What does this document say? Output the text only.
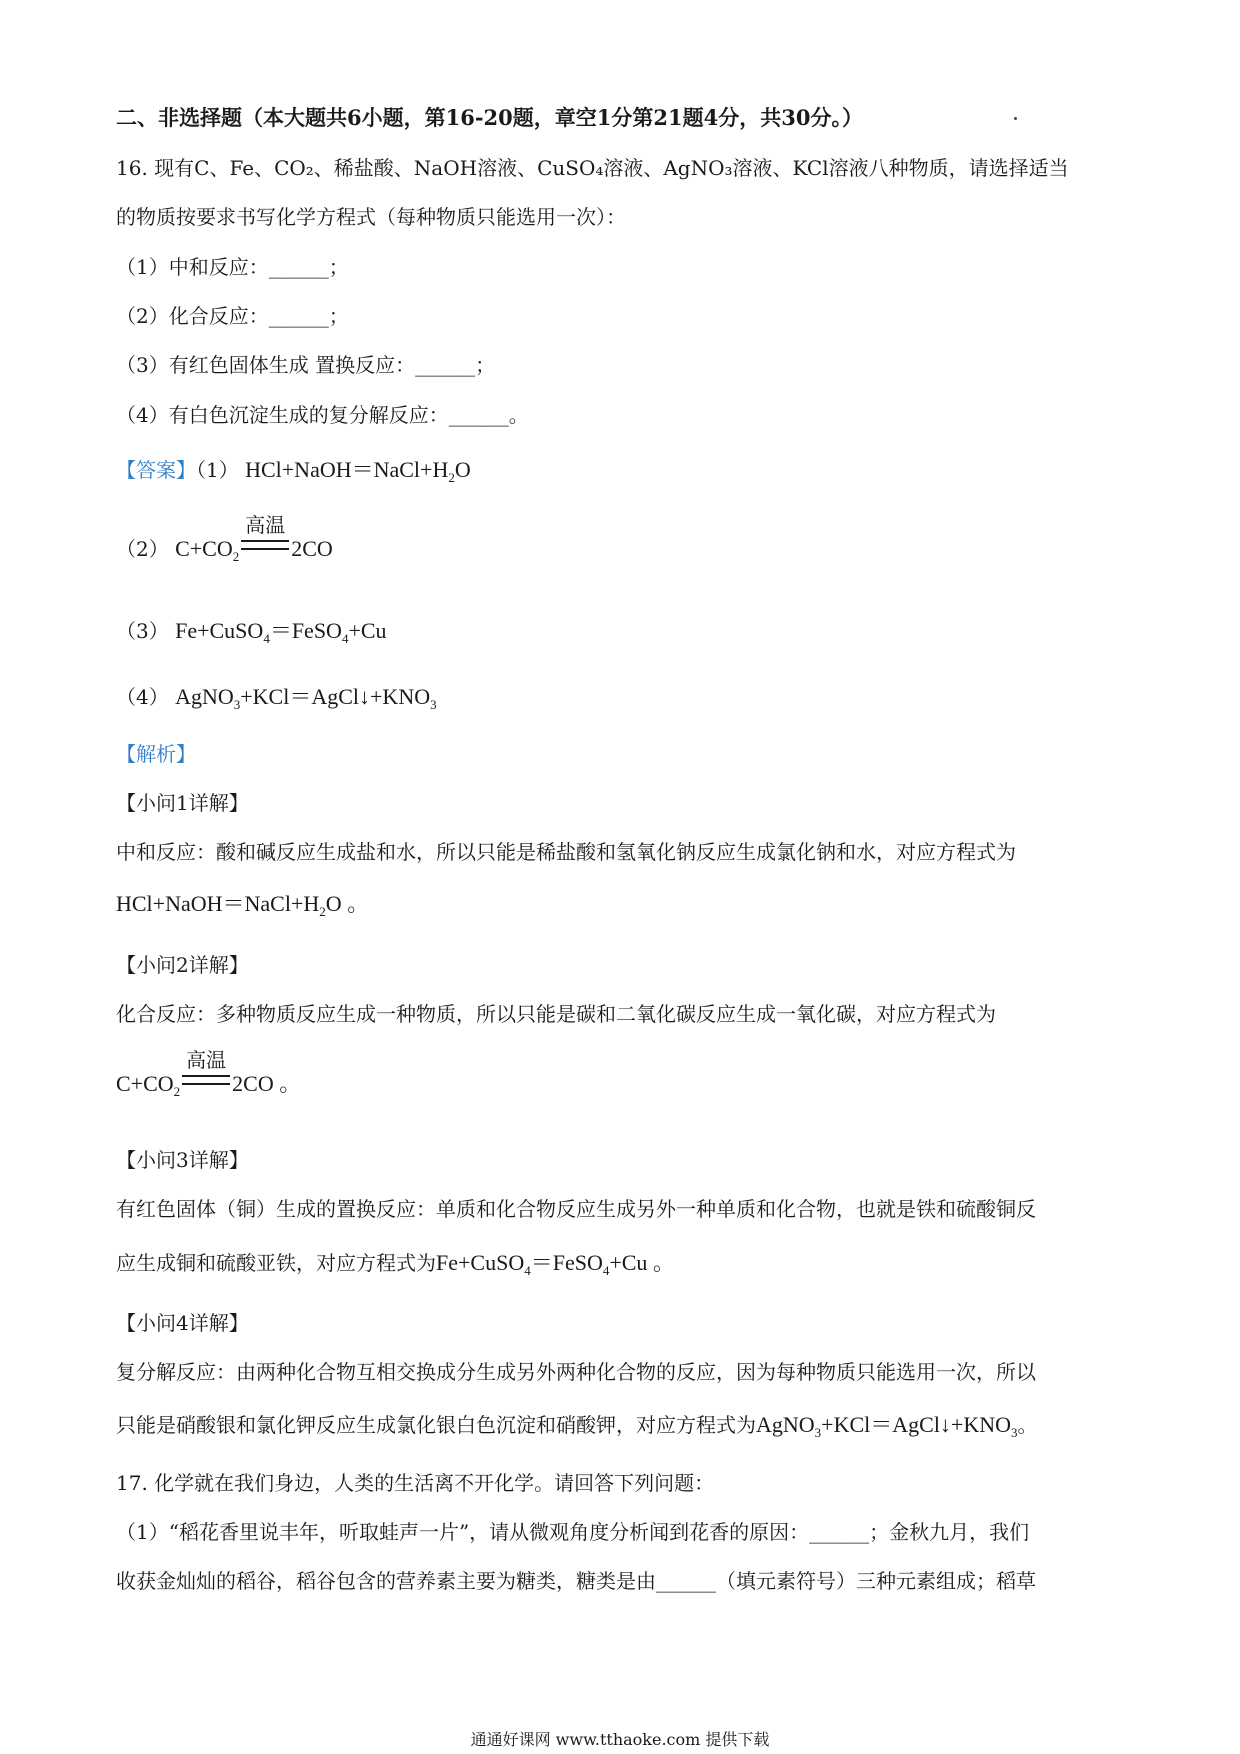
二、非选择题（本大题共6小题，第16-20题，章空1分第21题4分，共30分。）
16. 现有C、Fe、CO₂、稀盐酸、NaOH溶液、CuSO₄溶液、AgNO₃溶液、KCl溶液八种物质，请选择适当
的物质按要求书写化学方程式（每种物质只能选用一次）：
（1）中和反应：______；
（2）化合反应：______；
（3）有红色固体生成 置换反应：______；
（4）有白色沉淀生成的复分解反应：______。
【答案】（1） $HCl+NaOH=NaCl+H_2O$
（2） $C+CO_2$
高温
2CO
（3） Fe+CuSO$_4$＝FeSO$_4$+Cu
（4） $AgNO_3+KCl=AgCl↓+KNO_3$
【解析】
【小问1详解】
中和反应：酸和碱反应生成盐和水，所以只能是稀盐酸和氢氧化钠反应生成氯化钠和水，对应方程式为
$HCl+NaOH=NaCl+H_2O$ 。
【小问2详解】
化合反应：多种物质反应生成一种物质，所以只能是碳和二氧化碳反应生成一氧化碳，对应方程式为
$C+CO_2$
高温
2CO 。
【小问3详解】
有红色固体（铜）生成的置换反应：单质和化合物反应生成另外一种单质和化合物，也就是铁和硫酸铜反
应生成铜和硫酸亚铁，对应方程式为Fe+CuSO$_4$＝FeSO$_4$+Cu 。
【小问4详解】
复分解反应：由两种化合物互相交换成分生成另外两种化合物的反应，因为每种物质只能选用一次，所以
只能是硝酸银和氯化钾反应生成氯化银白色沉淀和硝酸钾，对应方程式为$AgNO_3+KCl=AgCl↓+KNO_3$。
17. 化学就在我们身边，人类的生活离不开化学。请回答下列问题：
（1）“稻花香里说丰年，听取蛙声一片”，请从微观角度分析闻到花香的原因：______；金秋九月，我们
收获金灿灿的稻谷，稻谷包含的营养素主要为糖类，糖类是由______（填元素符号）三种元素组成；稻草
通通好课网 www.tthaoke.com 提供下载
